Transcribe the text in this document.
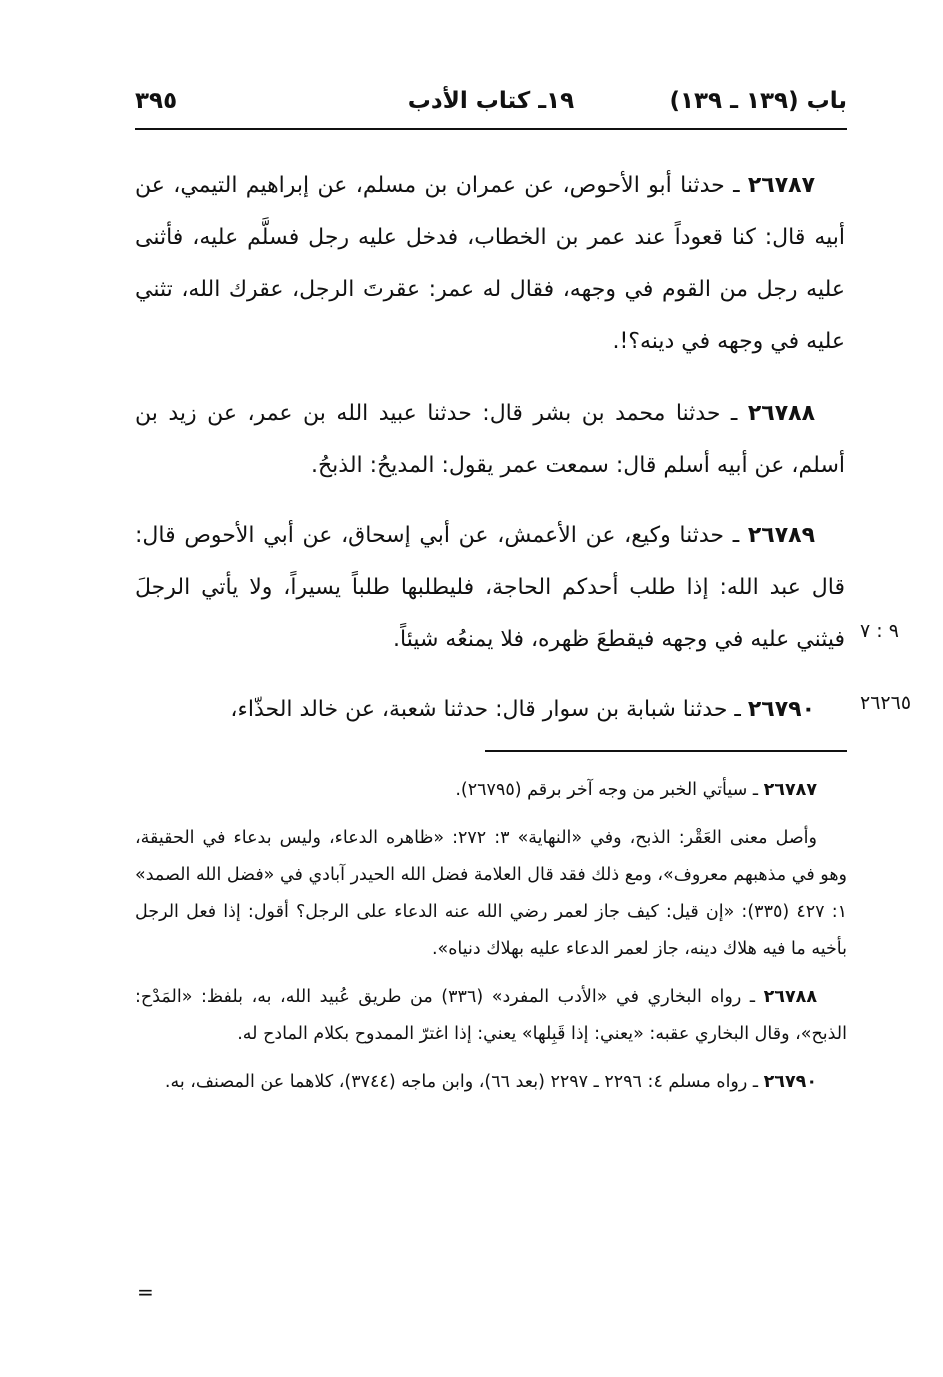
باب (١٣٩ ـ ١٣٩)
١٩ـ كتاب الأدب
٣٩٥

٢٦٧٨٧ ـ حدثنا أبو الأحوص، عن عمران بن مسلم، عن إبراهيم التيمي، عن أبيه قال: كنا قعوداً عند عمر بن الخطاب، فدخل عليه رجل فسلَّم عليه، فأثنى عليه رجل من القوم في وجهه، فقال له عمر: عقرتَ الرجل، عقرك الله، تثني عليه في وجهه في دينه؟!.

٢٦٧٨٨ ـ حدثنا محمد بن بشر قال: حدثنا عبيد الله بن عمر، عن زيد بن أسلم، عن أبيه أسلم قال: سمعت عمر يقول: المديحُ: الذبحُ.

٢٦٧٨٩ ـ حدثنا وكيع، عن الأعمش، عن أبي إسحاق، عن أبي الأحوص قال: قال عبد الله: إذا طلب أحدكم الحاجة، فليطلبها طلباً يسيراً، ولا يأتي الرجلَ فيثني عليه في وجهه فيقطعَ ظهره، فلا يمنعُه شيئاً.

٢٦٧٩٠ ـ حدثنا شبابة بن سوار قال: حدثنا شعبة، عن خالد الحذّاء،

٩ : ٧
٢٦٢٦٥

٢٦٧٨٧ ـ سيأتي الخبر من وجه آخر برقم (٢٦٧٩٥).

وأصل معنى العَقْر: الذبح، وفي «النهاية» ٣: ٢٧٢: «ظاهره الدعاء، وليس بدعاء في الحقيقة، وهو في مذهبهم معروف»، ومع ذلك فقد قال العلامة فضل الله الحيدر آبادي في «فضل الله الصمد» ١: ٤٢٧ (٣٣٥): «إن قيل: كيف جاز لعمر رضي الله عنه الدعاء على الرجل؟ أقول: إذا فعل الرجل بأخيه ما فيه هلاك دينه، جاز لعمر الدعاء عليه بهلاك دنياه».

٢٦٧٨٨ ـ رواه البخاري في «الأدب المفرد» (٣٣٦) من طريق عُبيد الله، به، بلفظ: «المَدْح: الذبح»، وقال البخاري عقبه: «يعني: إذا قَبِلها» يعني: إذا اغترّ الممدوح بكلام المادح له.

٢٦٧٩٠ ـ رواه مسلم ٤: ٢٢٩٦ ـ ٢٢٩٧ (بعد ٦٦)، وابن ماجه (٣٧٤٤)، كلاهما عن المصنف، به.

=
